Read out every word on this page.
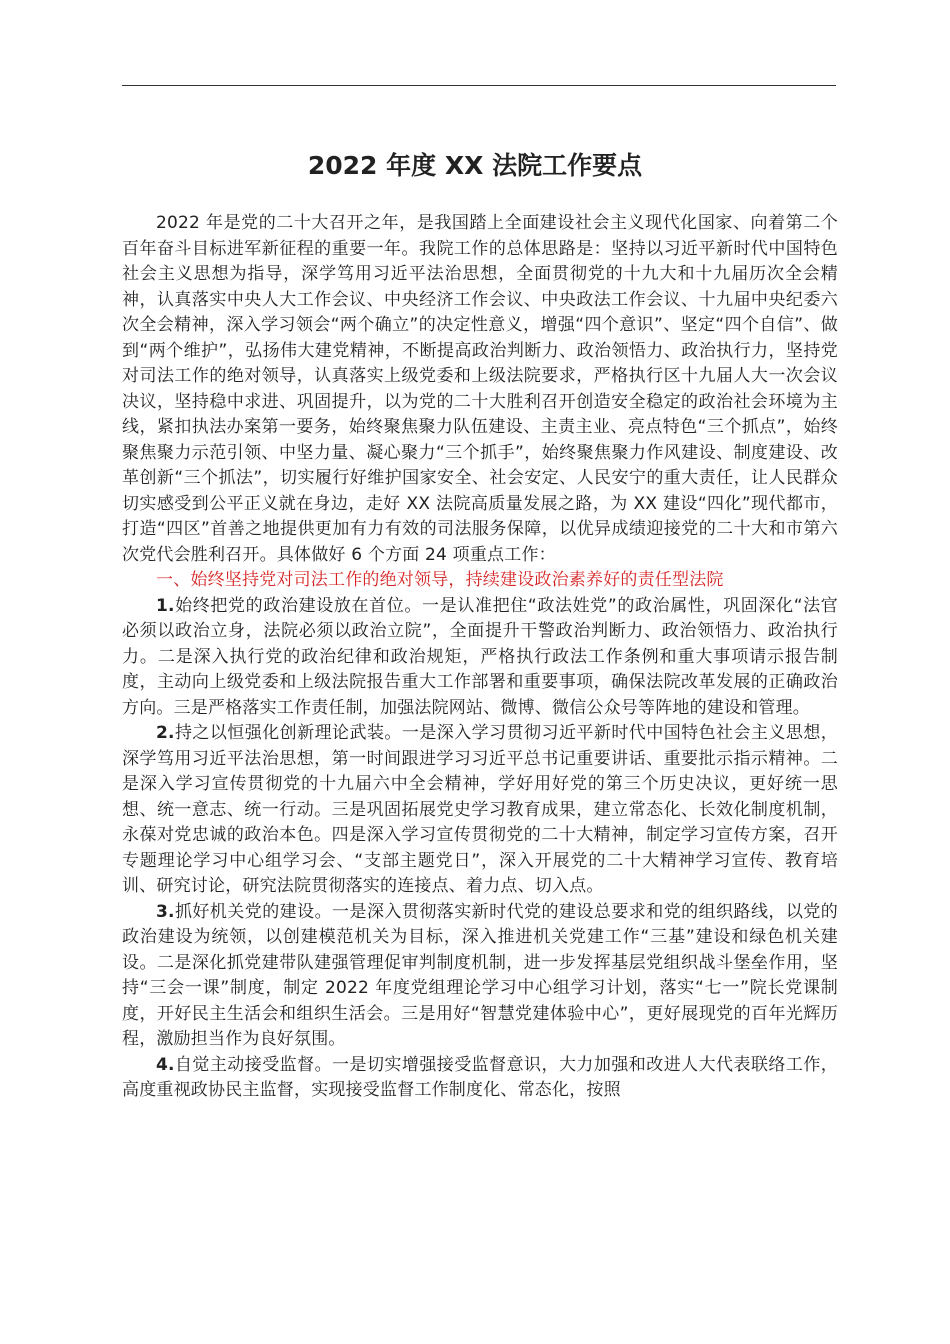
2022 年度 XX 法院工作要点

2022 年是党的二十大召开之年，是我国踏上全面建设社会主义现代化国家、向着第二个百年奋斗目标进军新征程的重要一年。我院工作的总体思路是：坚持以习近平新时代中国特色社会主义思想为指导，深学笃用习近平法治思想，全面贯彻党的十九大和十九届历次全会精神，认真落实中央人大工作会议、中央经济工作会议、中央政法工作会议、十九届中央纪委六次全会精神，深入学习领会“两个确立”的决定性意义，增强“四个意识”、坚定“四个自信”、做到“两个维护”，弘扬伟大建党精神，不断提高政治判断力、政治领悟力、政治执行力，坚持党对司法工作的绝对领导，认真落实上级党委和上级法院要求，严格执行区十九届人大一次会议决议，坚持稳中求进、巩固提升，以为党的二十大胜利召开创造安全稳定的政治社会环境为主线，紧扣执法办案第一要务，始终聚焦聚力队伍建设、主责主业、亮点特色“三个抓点”，始终聚焦聚力示范引领、中坚力量、凝心聚力“三个抓手”，始终聚焦聚力作风建设、制度建设、改革创新“三个抓法”，切实履行好维护国家安全、社会安定、人民安宁的重大责任，让人民群众切实感受到公平正义就在身边，走好 XX 法院高质量发展之路，为 XX 建设“四化”现代都市，打造“四区”首善之地提供更加有力有效的司法服务保障，以优异成绩迎接党的二十大和市第六次党代会胜利召开。具体做好 6 个方面 24 项重点工作：

一、始终坚持党对司法工作的绝对领导，持续建设政治素养好的责任型法院

1.始终把党的政治建设放在首位。一是认准把住“政法姓党”的政治属性，巩固深化“法官必须以政治立身，法院必须以政治立院”，全面提升干警政治判断力、政治领悟力、政治执行力。二是深入执行党的政治纪律和政治规矩，严格执行政法工作条例和重大事项请示报告制度，主动向上级党委和上级法院报告重大工作部署和重要事项，确保法院改革发展的正确政治方向。三是严格落实工作责任制，加强法院网站、微博、微信公众号等阵地的建设和管理。

2.持之以恒强化创新理论武装。一是深入学习贯彻习近平新时代中国特色社会主义思想，深学笃用习近平法治思想，第一时间跟进学习习近平总书记重要讲话、重要批示指示精神。二是深入学习宣传贯彻党的十九届六中全会精神，学好用好党的第三个历史决议，更好统一思想、统一意志、统一行动。三是巩固拓展党史学习教育成果，建立常态化、长效化制度机制，永葆对党忠诚的政治本色。四是深入学习宣传贯彻党的二十大精神，制定学习宣传方案，召开专题理论学习中心组学习会、“支部主题党日”，深入开展党的二十大精神学习宣传、教育培训、研究讨论，研究法院贯彻落实的连接点、着力点、切入点。

3.抓好机关党的建设。一是深入贯彻落实新时代党的建设总要求和党的组织路线，以党的政治建设为统领，以创建模范机关为目标，深入推进机关党建工作“三基”建设和绿色机关建设。二是深化抓党建带队建强管理促审判制度机制，进一步发挥基层党组织战斗堡垒作用，坚持“三会一课”制度，制定 2022 年度党组理论学习中心组学习计划，落实“七一”院长党课制度，开好民主生活会和组织生活会。三是用好“智慧党建体验中心”，更好展现党的百年光辉历程，激励担当作为良好氛围。

4.自觉主动接受监督。一是切实增强接受监督意识，大力加强和改进人大代表联络工作，高度重视政协民主监督，实现接受监督工作制度化、常态化，按照
